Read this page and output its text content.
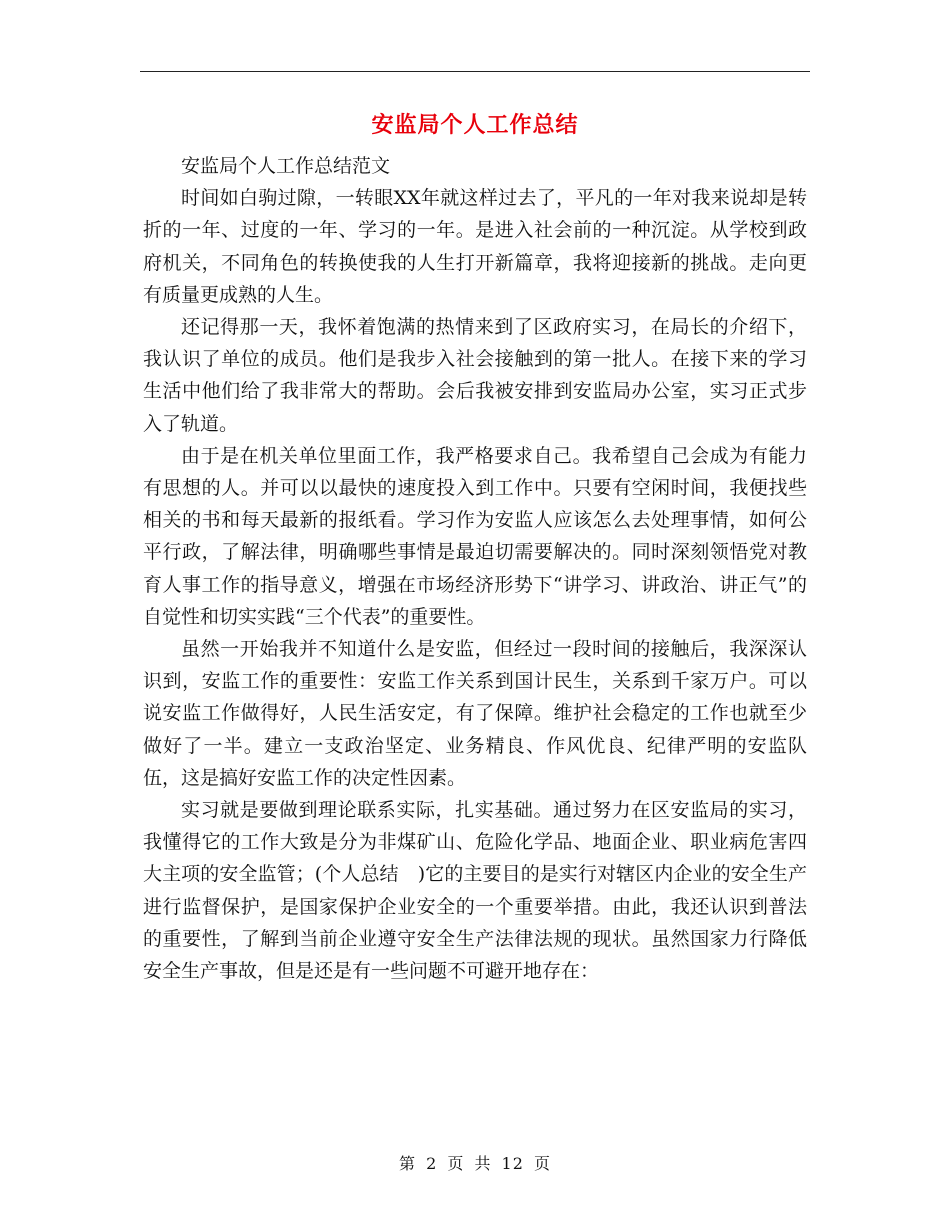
安监局个人工作总结

安监局个人工作总结范文

时间如白驹过隙，一转眼XX年就这样过去了，平凡的一年对我来说却是转折的一年、过度的一年、学习的一年。是进入社会前的一种沉淀。从学校到政府机关，不同角色的转换使我的人生打开新篇章，我将迎接新的挑战。走向更有质量更成熟的人生。

还记得那一天，我怀着饱满的热情来到了区政府实习，在局长的介绍下，我认识了单位的成员。他们是我步入社会接触到的第一批人。在接下来的学习生活中他们给了我非常大的帮助。会后我被安排到安监局办公室，实习正式步入了轨道。

由于是在机关单位里面工作，我严格要求自己。我希望自己会成为有能力有思想的人。并可以以最快的速度投入到工作中。只要有空闲时间，我便找些相关的书和每天最新的报纸看。学习作为安监人应该怎么去处理事情，如何公平行政，了解法律，明确哪些事情是最迫切需要解决的。同时深刻领悟党对教育人事工作的指导意义，增强在市场经济形势下“讲学习、讲政治、讲正气”的自觉性和切实实践“三个代表”的重要性。

虽然一开始我并不知道什么是安监，但经过一段时间的接触后，我深深认识到，安监工作的重要性：安监工作关系到国计民生，关系到千家万户。可以说安监工作做得好，人民生活安定，有了保障。维护社会稳定的工作也就至少做好了一半。建立一支政治坚定、业务精良、作风优良、纪律严明的安监队伍，这是搞好安监工作的决定性因素。

实习就是要做到理论联系实际，扎实基础。通过努力在区安监局的实习，我懂得它的工作大致是分为非煤矿山、危险化学品、地面企业、职业病危害四大主项的安全监管；(个人总结　)它的主要目的是实行对辖区内企业的安全生产进行监督保护，是国家保护企业安全的一个重要举措。由此，我还认识到普法的重要性，了解到当前企业遵守安全生产法律法规的现状。虽然国家力行降低安全生产事故，但是还是有一些问题不可避开地存在：

第 2 页 共 12 页
